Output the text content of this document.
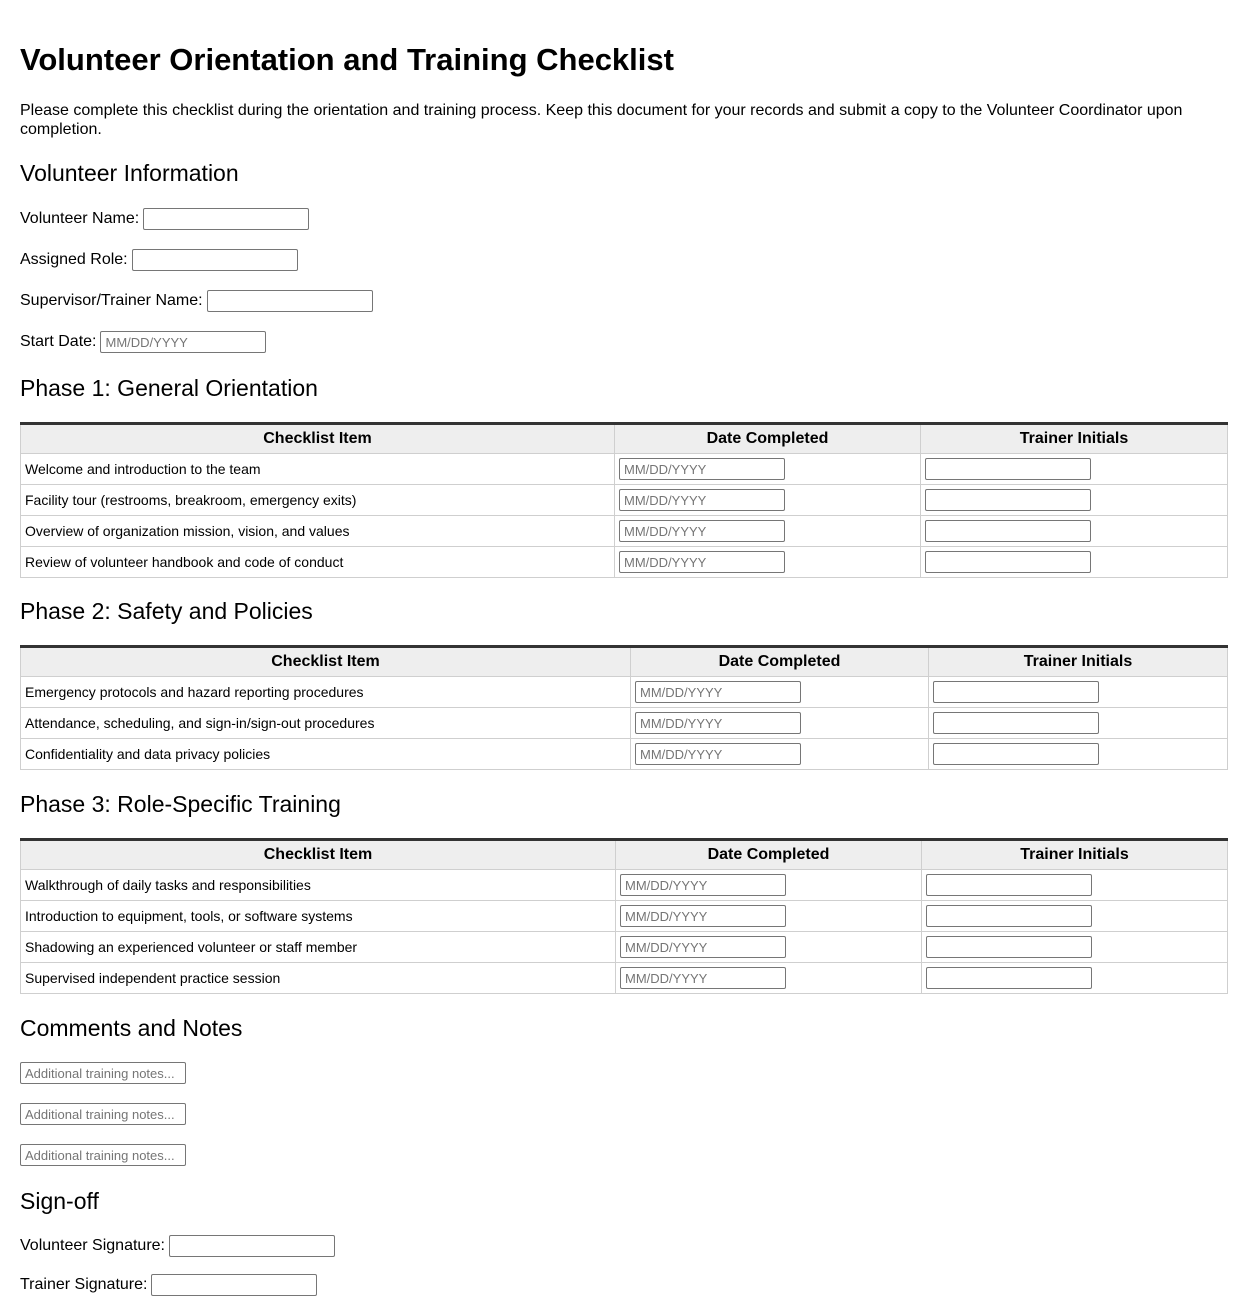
Volunteer Orientation and Training Checklist

Please complete this checklist during the orientation and training process. Keep this document for your records and submit a copy to the Volunteer Coordinator upon completion.

Volunteer Information
Volunteer Name:
Assigned Role:
Supervisor/Trainer Name:
Start Date:
MM/DD/YYYY
Phase 1: General Orientation
Checklist Item	Date Completed	Trainer Initials
Welcome and introduction to the team	MM/DD/YYYY	
Facility tour (restrooms, breakroom, emergency exits)	MM/DD/YYYY	
Overview of organization mission, vision, and values	MM/DD/YYYY	
Review of volunteer handbook and code of conduct	MM/DD/YYYY	
Phase 2: Safety and Policies
Checklist Item	Date Completed	Trainer Initials
Emergency protocols and hazard reporting procedures	MM/DD/YYYY	
Attendance, scheduling, and sign-in/sign-out procedures	MM/DD/YYYY	
Confidentiality and data privacy policies	MM/DD/YYYY	
Phase 3: Role-Specific Training
Checklist Item	Date Completed	Trainer Initials
Walkthrough of daily tasks and responsibilities	MM/DD/YYYY	
Introduction to equipment, tools, or software systems	MM/DD/YYYY	
Shadowing an experienced volunteer or staff member	MM/DD/YYYY	
Supervised independent practice session	MM/DD/YYYY	
Comments and Notes
Additional training notes...
Additional training notes...
Additional training notes...
Sign-off
Volunteer Signature:
Trainer Signature:
